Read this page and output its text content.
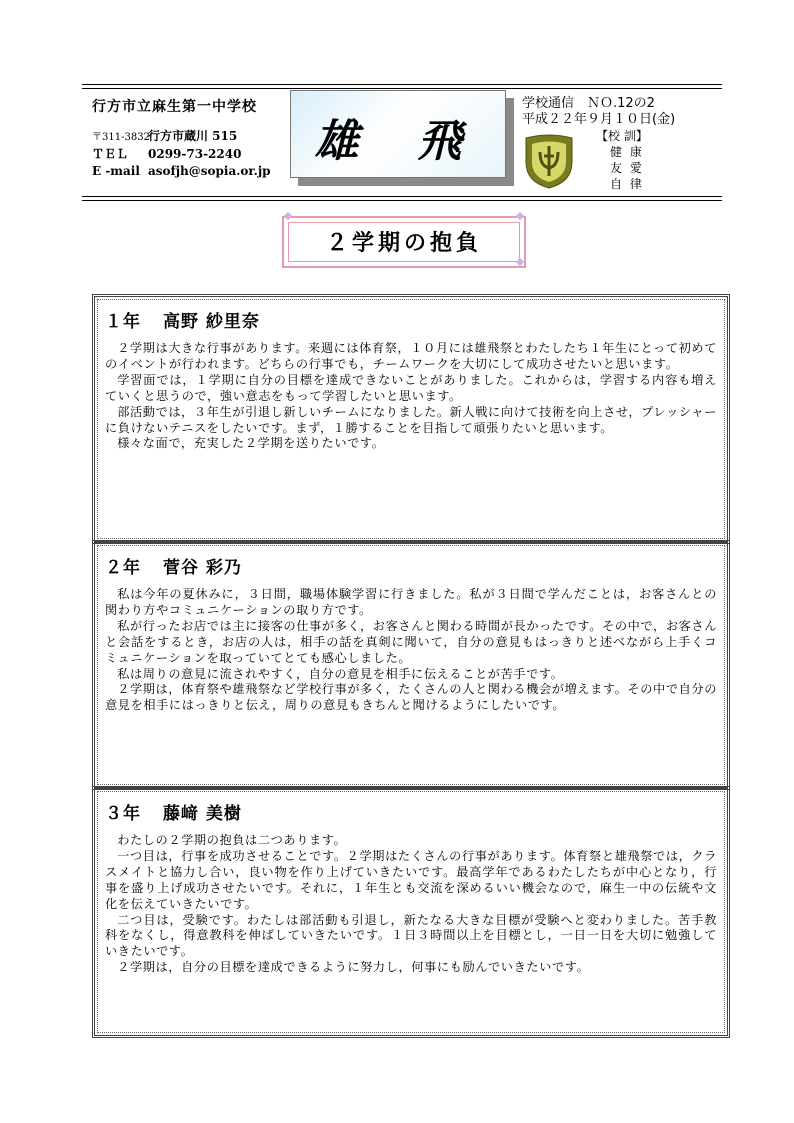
行方市立麻生第一中学校
〒311-3832行方市蔵川 515
ＴＥＬ 0299-73-2240
E -mail asofjh@sopia.or.jp
雄 飛
学校通信　ＮＯ.12の2
平成２２年９月１０日(金)
【校 訓】
健 康
友 愛
自 律
２学期の抱負
１年 高野 紗里奈

２学期は大きな行事があります。来週には体育祭，１０月には雄飛祭とわたしたち１年生にとって初めてのイベントが行われます。どちらの行事でも，チームワークを大切にして成功させたいと思います。

学習面では，１学期に自分の目標を達成できないことがありました。これからは，学習する内容も増えていくと思うので，強い意志をもって学習したいと思います。

部活動では，３年生が引退し新しいチームになりました。新人戦に向けて技術を向上させ，プレッシャーに負けないテニスをしたいです。まず，１勝することを目指して頑張りたいと思います。

様々な面で，充実した２学期を送りたいです。

２年 菅谷 彩乃

私は今年の夏休みに，３日間，職場体験学習に行きました。私が３日間で学んだことは，お客さんとの関わり方やコミュニケーションの取り方です。

私が行ったお店では主に接客の仕事が多く，お客さんと関わる時間が長かったです。その中で，お客さんと会話をするとき，お店の人は，相手の話を真剣に聞いて，自分の意見もはっきりと述べながら上手くコミュニケーションを取っていてとても感心しました。

私は周りの意見に流されやすく，自分の意見を相手に伝えることが苦手です。

２学期は，体育祭や雄飛祭など学校行事が多く，たくさんの人と関わる機会が増えます。その中で自分の意見を相手にはっきりと伝え，周りの意見もきちんと聞けるようにしたいです。

３年 藤﨑 美樹

わたしの２学期の抱負は二つあります。

一つ目は，行事を成功させることです。２学期はたくさんの行事があります。体育祭と雄飛祭では，クラスメイトと協力し合い，良い物を作り上げていきたいです。最高学年であるわたしたちが中心となり，行事を盛り上げ成功させたいです。それに，１年生とも交流を深めるいい機会なので，麻生一中の伝統や文化を伝えていきたいです。

二つ目は，受験です。わたしは部活動も引退し，新たなる大きな目標が受験へと変わりました。苦手教科をなくし，得意教科を伸ばしていきたいです。１日３時間以上を目標とし，一日一日を大切に勉強していきたいです。

２学期は，自分の目標を達成できるように努力し，何事にも励んでいきたいです。
